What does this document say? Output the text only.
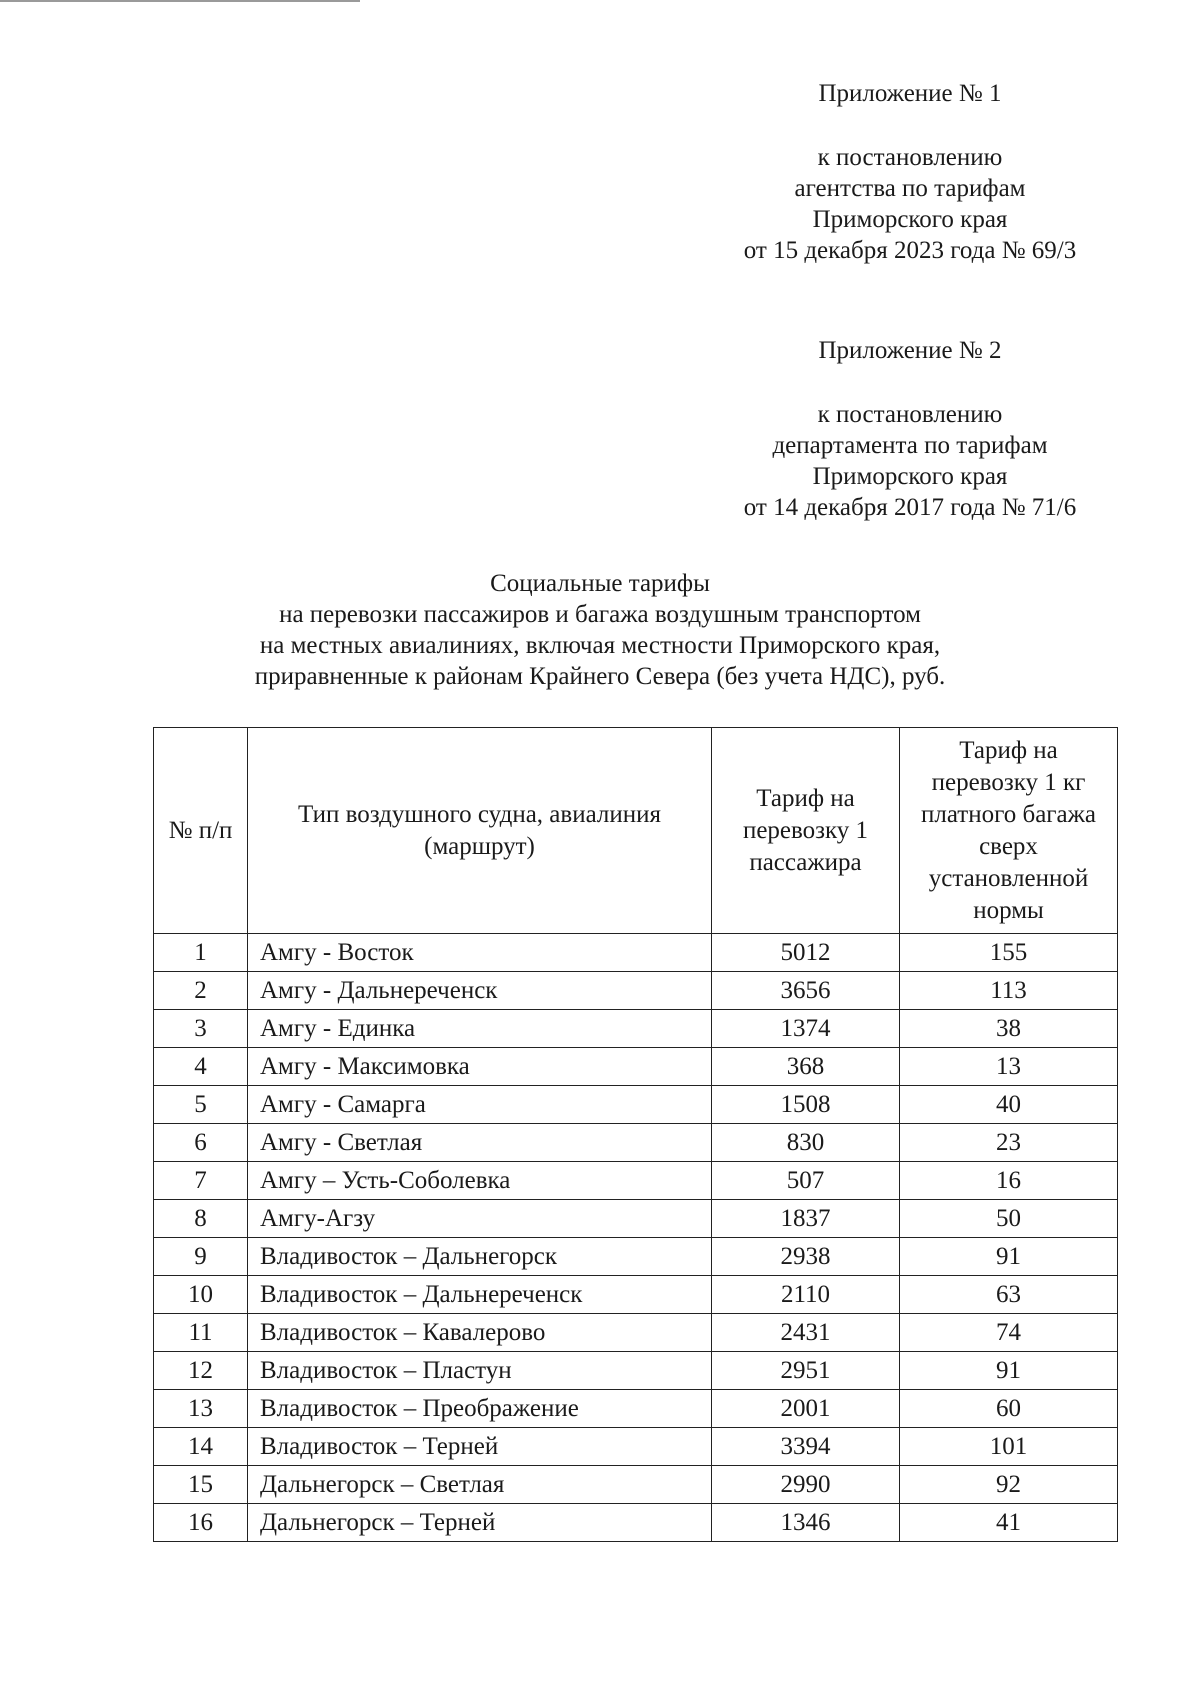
Приложение № 1
к постановлению
агентства по тарифам
Приморского края
от 15 декабря 2023 года № 69/3
Приложение № 2
к постановлению
департамента по тарифам
Приморского края
от 14 декабря 2017 года № 71/6
Социальные тарифы
на перевозки пассажиров и багажа воздушным транспортом
на местных авиалиниях, включая местности Приморского края,
приравненные к районам Крайнего Севера (без учета НДС), руб.
№ п/п	Тип воздушного судна, авиалиния (маршрут)	Тариф на перевозку 1 пассажира	Тариф на перевозку 1 кг платного багажа сверх установленной нормы
1	Амгу - Восток	5012	155
2	Амгу - Дальнереченск	3656	113
3	Амгу - Единка	1374	38
4	Амгу - Максимовка	368	13
5	Амгу - Самарга	1508	40
6	Амгу - Светлая	830	23
7	Амгу – Усть-Соболевка	507	16
8	Амгу-Агзу	1837	50
9	Владивосток – Дальнегорск	2938	91
10	Владивосток – Дальнереченск	2110	63
11	Владивосток – Кавалерово	2431	74
12	Владивосток – Пластун	2951	91
13	Владивосток – Преображение	2001	60
14	Владивосток – Терней	3394	101
15	Дальнегорск – Светлая	2990	92
16	Дальнегорск – Терней	1346	41
